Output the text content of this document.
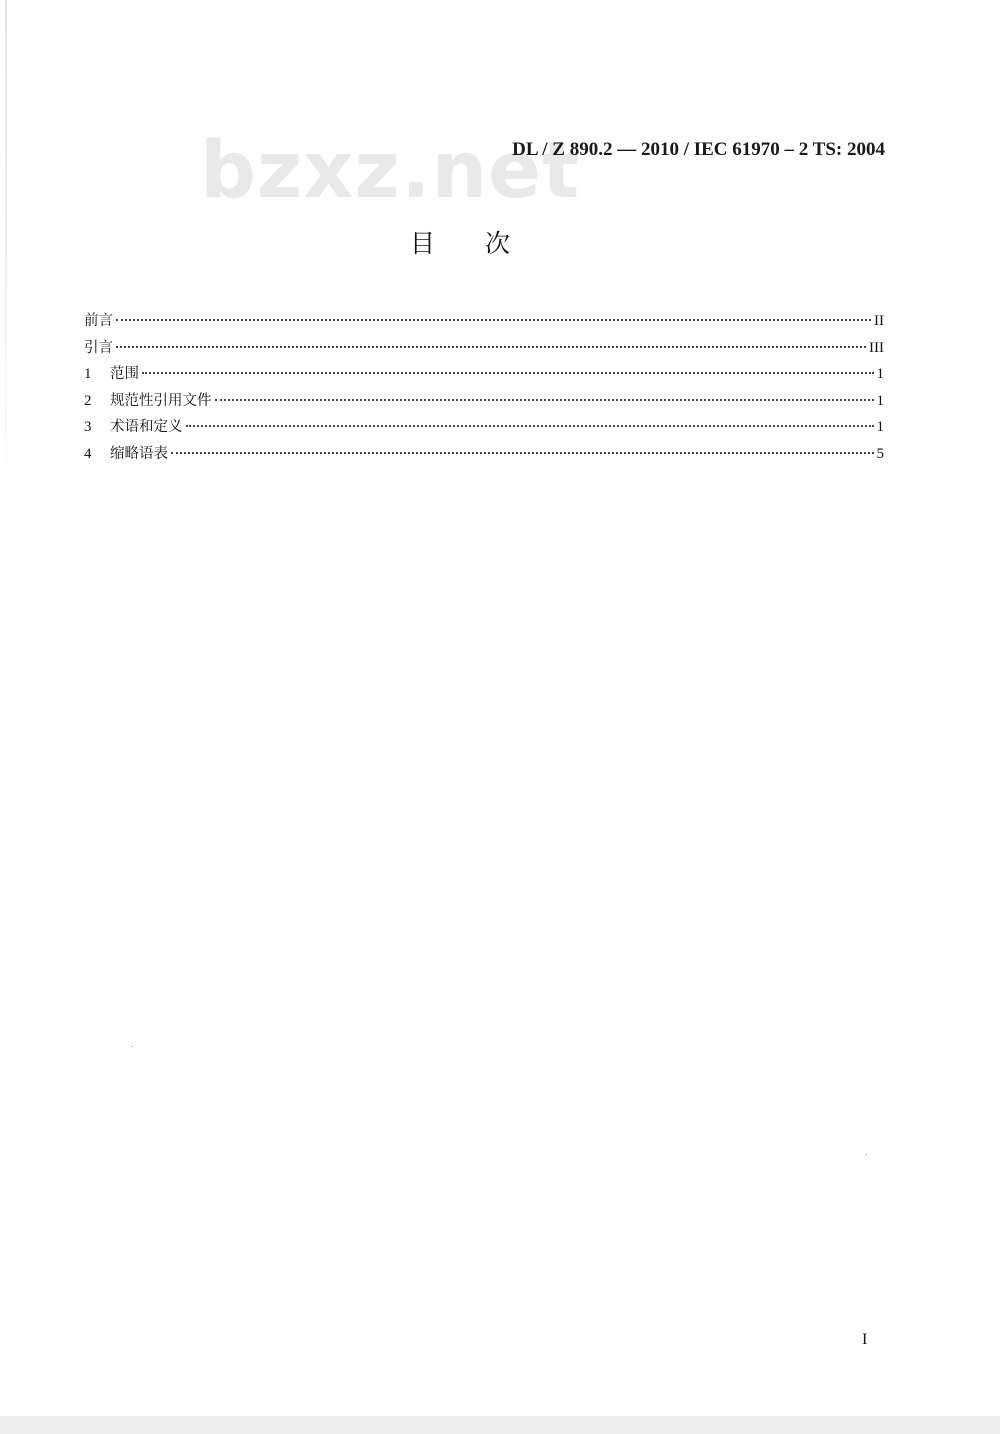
bzxz.net
DL / Z 890.2 — 2010 / IEC 61970 – 2 TS: 2004
目次
前言	II
引言	III
1	范围	1
2	规范性引用文件	1
3	术语和定义	1
4	缩略语表	5
I
